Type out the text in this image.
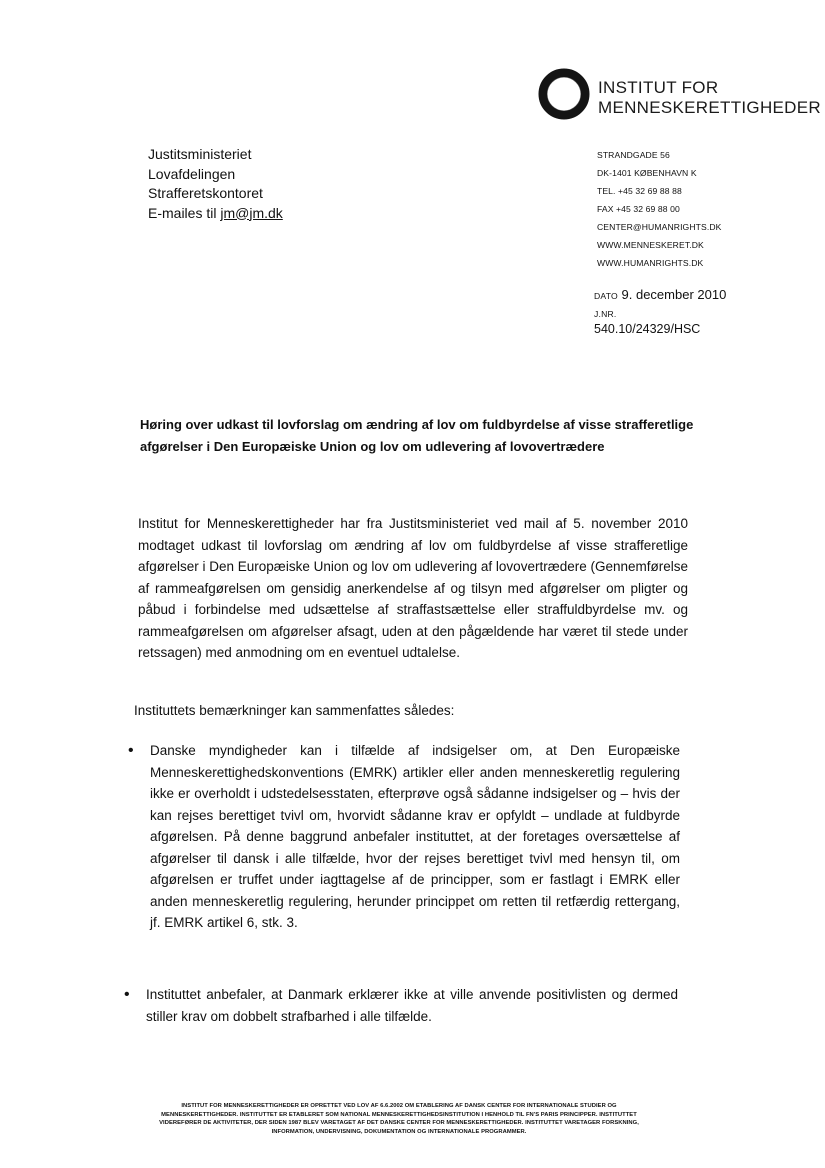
INSTITUT FOR
MENNESKERETTIGHEDER
Justitsministeriet
Lovafdelingen
Strafferetskontoret
E-mailes til jm@jm.dk
STRANDGADE 56
DK-1401 KØBENHAVN K
TEL. +45 32 69 88 88
FAX +45 32 69 88 00
CENTER@HUMANRIGHTS.DK
WWW.MENNESKERET.DK
WWW.HUMANRIGHTS.DK
DATO 9. december 2010
J.NR.
540.10/24329/HSC
Høring over udkast til lovforslag om ændring af lov om fuldbyrdelse af visse strafferetlige afgørelser i Den Europæiske Union og lov om udlevering af lovovertrædere
Institut for Menneskerettigheder har fra Justitsministeriet ved mail af 5. november 2010 modtaget udkast til lovforslag om ændring af lov om fuldbyrdelse af visse strafferetlige afgørelser i Den Europæiske Union og lov om udlevering af lovovertrædere (Gennemførelse af rammeafgørelsen om gensidig anerkendelse af og tilsyn med afgørelser om pligter og påbud i forbindelse med udsættelse af straffastsættelse eller straffuldbyrdelse mv. og rammeafgørelsen om afgørelser afsagt, uden at den pågældende har været til stede under retssagen) med anmodning om en eventuel udtalelse.
Instituttets bemærkninger kan sammenfattes således:
•	Danske myndigheder kan i tilfælde af indsigelser om, at Den Europæiske Menneskerettighedskonventions (EMRK) artikler eller anden menneskeretlig regulering ikke er overholdt i udstedelsesstaten, efterprøve også sådanne indsigelser og – hvis der kan rejses berettiget tvivl om, hvorvidt sådanne krav er opfyldt – undlade at fuldbyrde afgørelsen. På denne baggrund anbefaler instituttet, at der foretages oversættelse af afgørelser til dansk i alle tilfælde, hvor der rejses berettiget tvivl med hensyn til, om afgørelsen er truffet under iagttagelse af de principper, som er fastlagt i EMRK eller anden menneskeretlig regulering, herunder princippet om retten til retfærdig rettergang, jf. EMRK artikel 6, stk. 3.
•	Instituttet anbefaler, at Danmark erklærer ikke at ville anvende positivlisten og dermed stiller krav om dobbelt strafbarhed i alle tilfælde.
INSTITUT FOR MENNESKERETTIGHEDER ER OPRETTET VED LOV AF 6.6.2002 OM ETABLERING AF DANSK CENTER FOR INTERNATIONALE STUDIER OG MENNESKERETTIGHEDER. INSTITUTTET ER ETABLERET SOM NATIONAL MENNESKERETTIGHEDSINSTITUTION I HENHOLD TIL FN'S PARIS PRINCIPPER. INSTITUTTET VIDEREFØRER DE AKTIVITETER, DER SIDEN 1987 BLEV VARETAGET AF DET DANSKE CENTER FOR MENNESKERETTIGHEDER. INSTITUTTET VARETAGER FORSKNING, INFORMATION, UNDERVISNING, DOKUMENTATION OG INTERNATIONALE PROGRAMMER.
